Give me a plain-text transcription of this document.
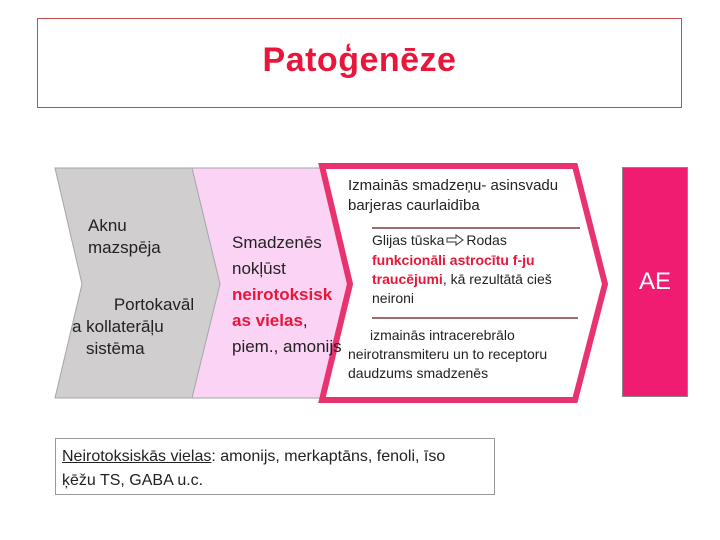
Patoģenēze
Aknu
mazspēja
Portokavāl
a kollaterāļu
sistēma
Smadzenēs
nokļūst
neirotoksisk
as vielas,
piem., amonijs
Izmainās smadzeņu- asinsvadu
barjeras caurlaidība
Glijas tūska Rodas
funkcionāli astrocītu f-ju
traucējumi, kā rezultātā cieš
neironi
izmainās intracerebrālo
neirotransmiteru un to receptoru
daudzums smadzenēs
AE
Neirotoksiskās vielas: amonijs, merkaptāns, fenoli, īso
ķēžu TS, GABA u.c.
